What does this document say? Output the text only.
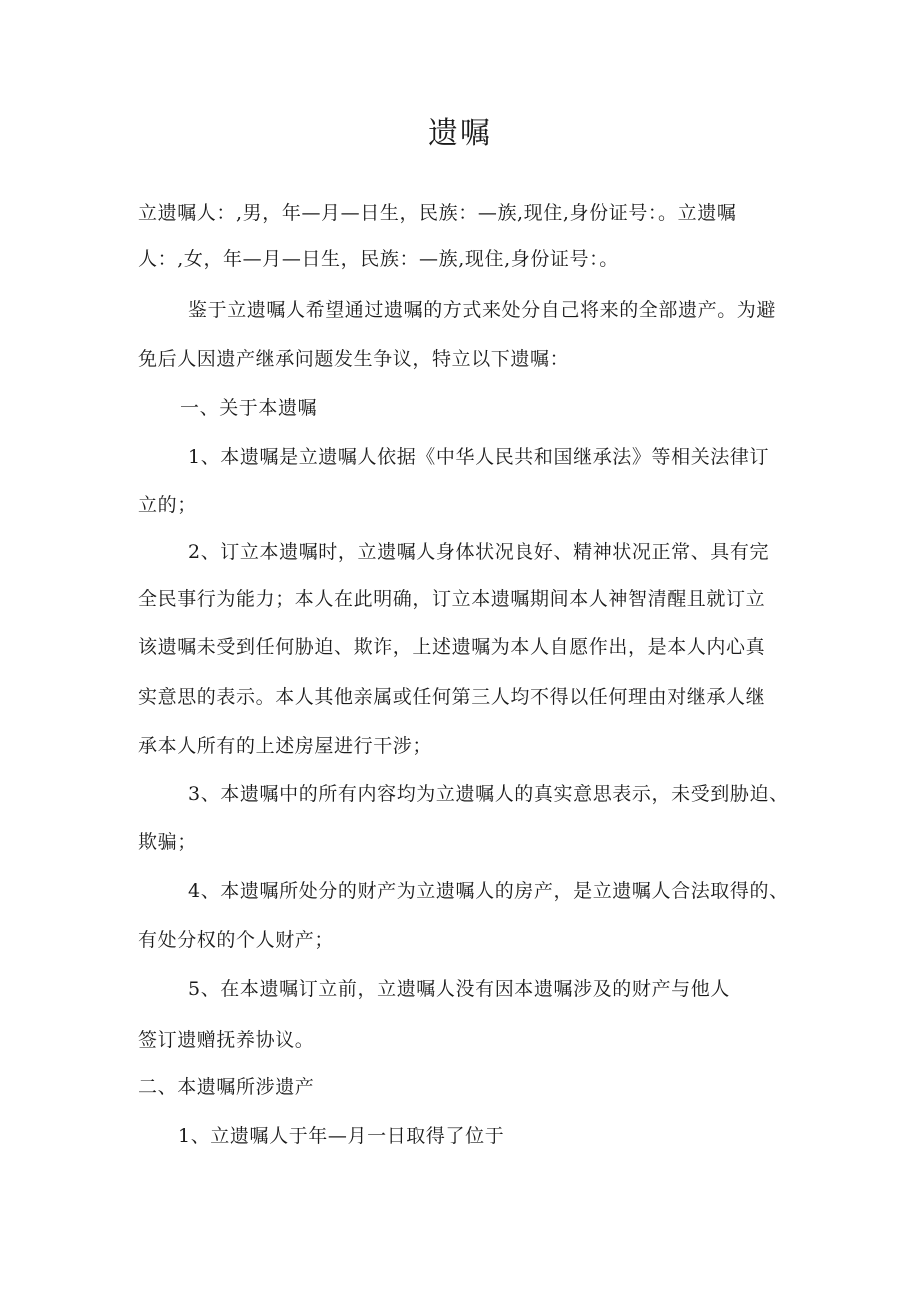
遗嘱
立遗嘱人：,男，年—月—日生，民族：—族,现住,身份证号：。立遗嘱
人：,女，年—月—日生，民族：—族,现住,身份证号：。
鉴于立遗嘱人希望通过遗嘱的方式来处分自己将来的全部遗产。为避
免后人因遗产继承问题发生争议，特立以下遗嘱：
一、关于本遗嘱
1、本遗嘱是立遗嘱人依据《中华人民共和国继承法》等相关法律订
立的；
2、订立本遗嘱时，立遗嘱人身体状况良好、精神状况正常、具有完
全民事行为能力；本人在此明确，订立本遗嘱期间本人神智清醒且就订立
该遗嘱未受到任何胁迫、欺诈，上述遗嘱为本人自愿作出，是本人内心真
实意思的表示。本人其他亲属或任何第三人均不得以任何理由对继承人继
承本人所有的上述房屋进行干涉；
3、本遗嘱中的所有内容均为立遗嘱人的真实意思表示，未受到胁迫、
欺骗；
4、本遗嘱所处分的财产为立遗嘱人的房产，是立遗嘱人合法取得的、
有处分权的个人财产；
5、在本遗嘱订立前，立遗嘱人没有因本遗嘱涉及的财产与他人
签订遗赠抚养协议。
二、本遗嘱所涉遗产
1、立遗嘱人于年—月一日取得了位于
